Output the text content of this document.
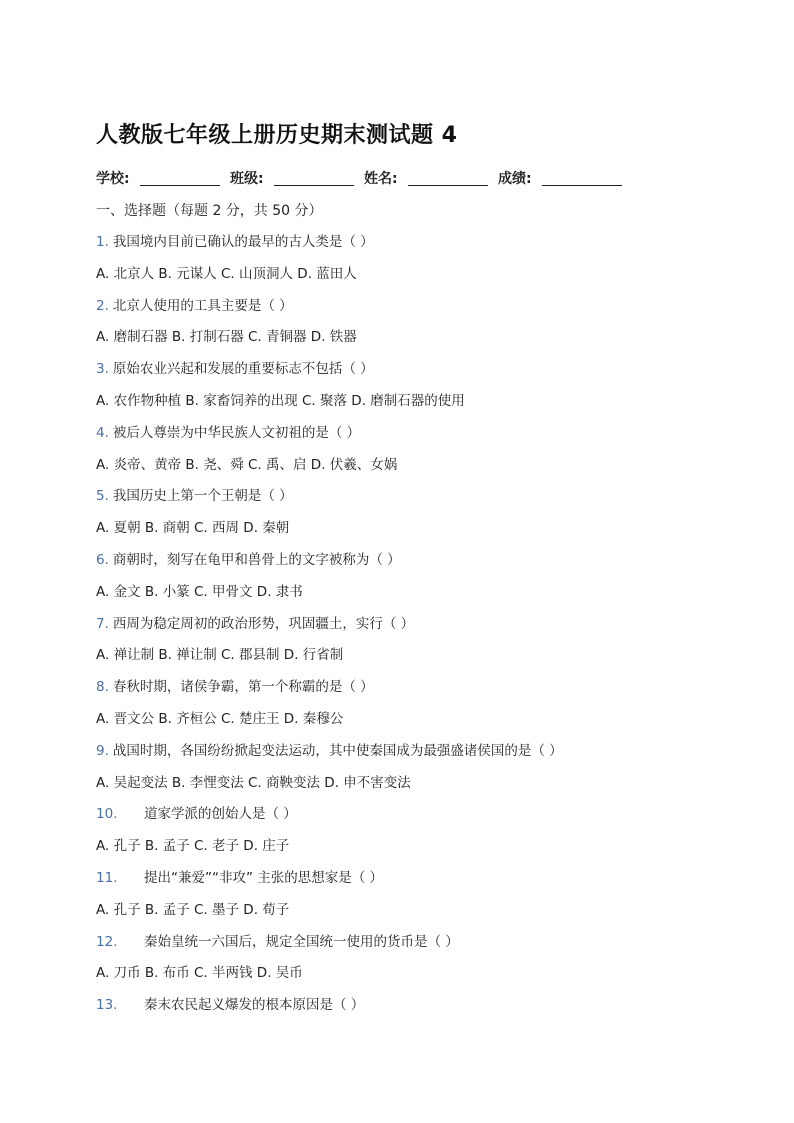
人教版七年级上册历史期末测试题 4
学校:	班级:	姓名:	成绩:
一、选择题（每题 2 分，共 50 分）
1. 我国境内目前已确认的最早的古人类是（ ）
A. 北京人 B. 元谋人 C. 山顶洞人 D. 蓝田人
2. 北京人使用的工具主要是（ ）
A. 磨制石器 B. 打制石器 C. 青铜器 D. 铁器
3. 原始农业兴起和发展的重要标志不包括（ ）
A. 农作物种植 B. 家畜饲养的出现 C. 聚落 D. 磨制石器的使用
4. 被后人尊崇为中华民族人文初祖的是（ ）
A. 炎帝、黄帝 B. 尧、舜 C. 禹、启 D. 伏羲、女娲
5. 我国历史上第一个王朝是（ ）
A. 夏朝 B. 商朝 C. 西周 D. 秦朝
6. 商朝时，刻写在龟甲和兽骨上的文字被称为（ ）
A. 金文 B. 小篆 C. 甲骨文 D. 隶书
7. 西周为稳定周初的政治形势，巩固疆土，实行（ ）
A. 禅让制 B. 禅让制 C. 郡县制 D. 行省制
8. 春秋时期，诸侯争霸，第一个称霸的是（ ）
A. 晋文公 B. 齐桓公 C. 楚庄王 D. 秦穆公
9. 战国时期，各国纷纷掀起变法运动，其中使秦国成为最强盛诸侯国的是（ ）
A. 吴起变法 B. 李悝变法 C. 商鞅变法 D. 申不害变法
10. 道家学派的创始人是（ ）
A. 孔子 B. 孟子 C. 老子 D. 庄子
11. 提出“兼爱”“非攻” 主张的思想家是（ ）
A. 孔子 B. 孟子 C. 墨子 D. 荀子
12. 秦始皇统一六国后，规定全国统一使用的货币是（ ）
A. 刀币 B. 布币 C. 半两钱 D. 吴币
13. 秦末农民起义爆发的根本原因是（ ）
